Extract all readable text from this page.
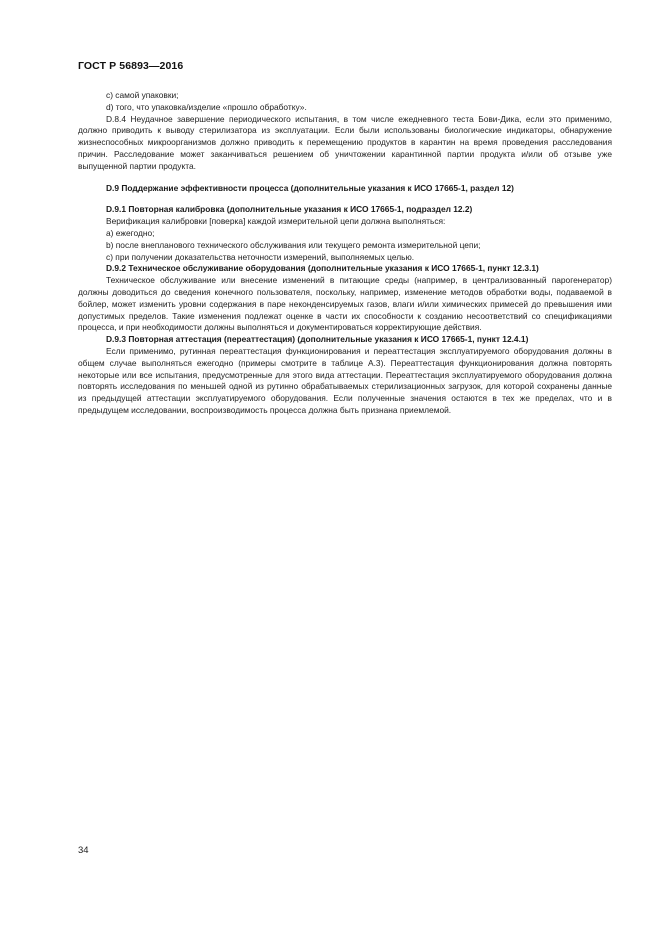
ГОСТ Р 56893—2016

c) самой упаковки;

d) того, что упаковка/изделие «прошло обработку».

D.8.4 Неудачное завершение периодического испытания, в том числе ежедневного теста Бови-Дика, если это применимо, должно приводить к выводу стерилизатора из эксплуатации. Если были использованы биологические индикаторы, обнаружение жизнеспособных микроорганизмов должно приводить к перемещению продуктов в карантин на время проведения расследования причин. Расследование может заканчиваться решением об уничтожении карантинной партии продукта и/или об отзыве уже выпущенной партии продукта.

D.9 Поддержание эффективности процесса (дополнительные указания к ИСО 17665-1, раздел 12)

D.9.1 Повторная калибровка (дополнительные указания к ИСО 17665-1, подраздел 12.2)

Верификация калибровки [поверка] каждой измерительной цепи должна выполняться:

a) ежегодно;

b) после внепланового технического обслуживания или текущего ремонта измерительной цепи;

c) при получении доказательства неточности измерений, выполняемых целью.

D.9.2 Техническое обслуживание оборудования (дополнительные указания к ИСО 17665-1, пункт 12.3.1)

Техническое обслуживание или внесение изменений в питающие среды (например, в централизованный парогенератор) должны доводиться до сведения конечного пользователя, поскольку, например, изменение методов обработки воды, подаваемой в бойлер, может изменить уровни содержания в паре неконденсируемых газов, влаги и/или химических примесей до превышения ими допустимых пределов. Такие изменения подлежат оценке в части их способности к созданию несоответствий со спецификациями процесса, и при необходимости должны выполняться и документироваться корректирующие действия.

D.9.3 Повторная аттестация (переаттестация) (дополнительные указания к ИСО 17665-1, пункт 12.4.1)

Если применимо, рутинная переаттестация функционирования и переаттестация эксплуатируемого оборудования должны в общем случае выполняться ежегодно (примеры смотрите в таблице А.3). Переаттестация функционирования должна повторять некоторые или все испытания, предусмотренные для этого вида аттестации. Переаттестация эксплуатируемого оборудования должна повторять исследования по меньшей одной из рутинно обрабатываемых стерилизационных загрузок, для которой сохранены данные из предыдущей аттестации эксплуатируемого оборудования. Если полученные значения остаются в тех же пределах, что и в предыдущем исследовании, воспроизводимость процесса должна быть признана приемлемой.

34
